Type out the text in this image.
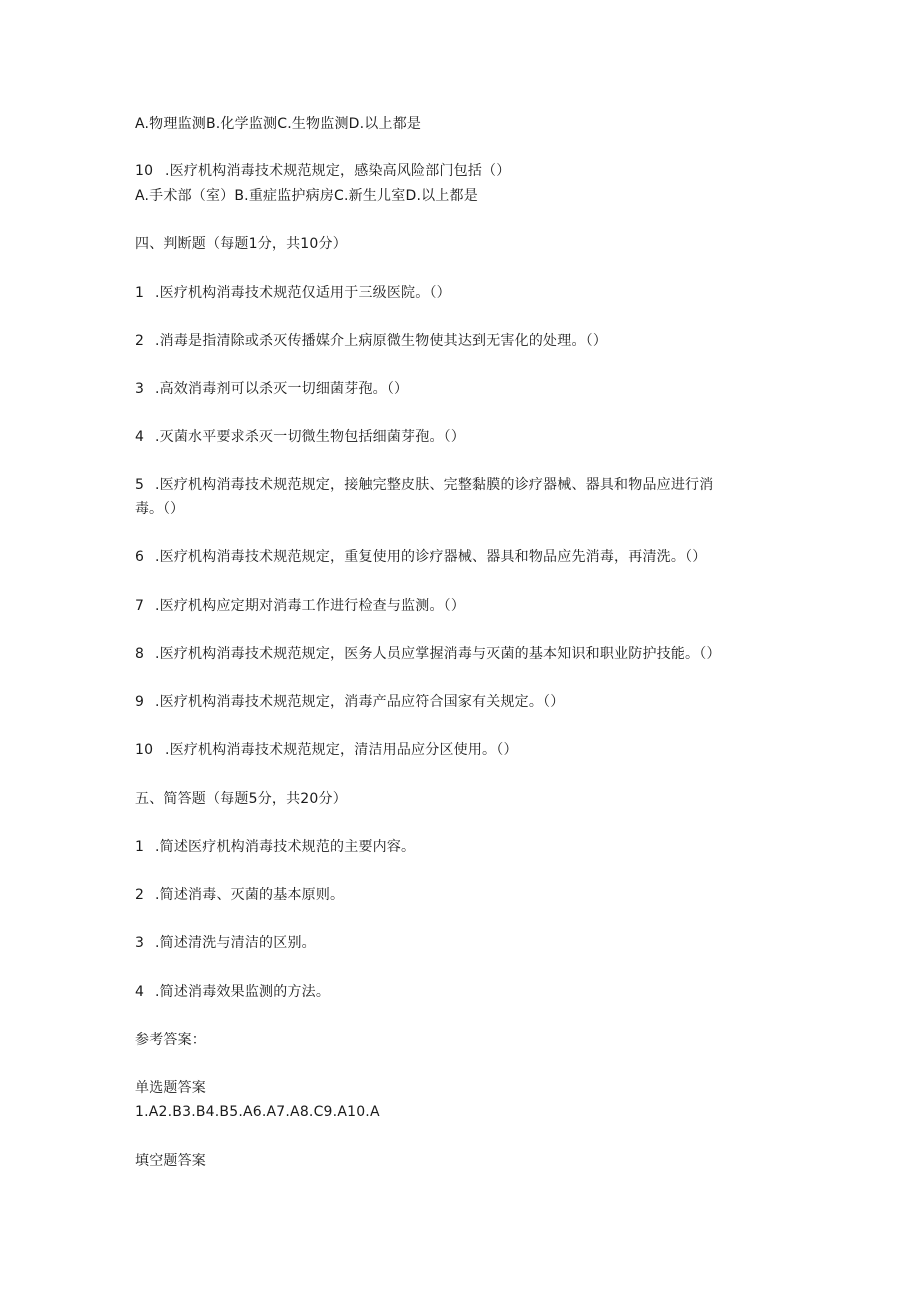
A.物理监测B.化学监测C.生物监测D.以上都是
10 .医疗机构消毒技术规范规定，感染高风险部门包括（）
A.手术部（室）B.重症监护病房C.新生儿室D.以上都是
四、判断题（每题1分，共10分）
1 .医疗机构消毒技术规范仅适用于三级医院。（）
2 .消毒是指清除或杀灭传播媒介上病原微生物使其达到无害化的处理。（）
3 .高效消毒剂可以杀灭一切细菌芽孢。（）
4 .灭菌水平要求杀灭一切微生物包括细菌芽孢。（）
5 .医疗机构消毒技术规范规定，接触完整皮肤、完整黏膜的诊疗器械、器具和物品应进行消
毒。（）
6 .医疗机构消毒技术规范规定，重复使用的诊疗器械、器具和物品应先消毒，再清洗。（）
7 .医疗机构应定期对消毒工作进行检查与监测。（）
8 .医疗机构消毒技术规范规定，医务人员应掌握消毒与灭菌的基本知识和职业防护技能。（）
9 .医疗机构消毒技术规范规定，消毒产品应符合国家有关规定。（）
10 .医疗机构消毒技术规范规定，清洁用品应分区使用。（）
五、简答题（每题5分，共20分）
1 .简述医疗机构消毒技术规范的主要内容。
2 .简述消毒、灭菌的基本原则。
3 .简述清洗与清洁的区别。
4 .简述消毒效果监测的方法。
参考答案：
单选题答案
1.A2.B3.B4.B5.A6.A7.A8.C9.A10.A
填空题答案
